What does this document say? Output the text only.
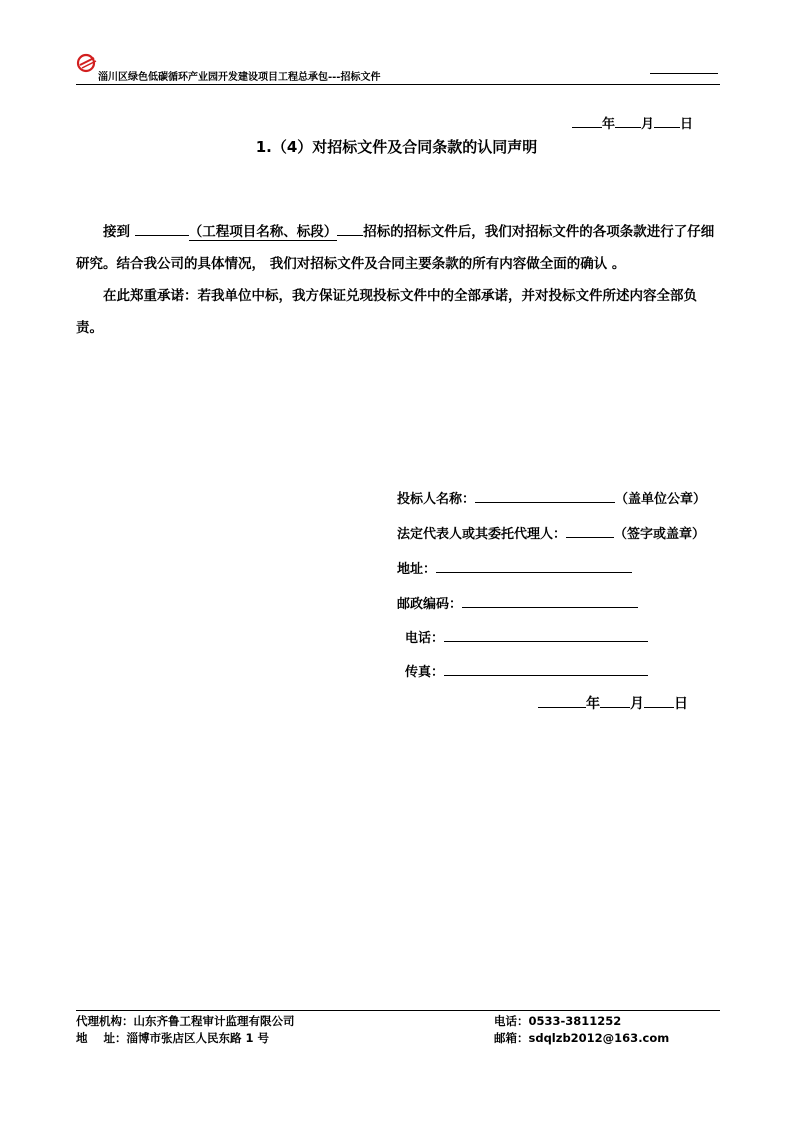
淄川区绿色低碳循环产业园开发建设项目工程总承包---招标文件
年 月 日
1.（4）对招标文件及合同条款的认同声明
接到	（工程项目名称、标段） 招标的招标文件后，我们对招标文件的各项条款进行了仔细研究。结合我公司的具体情况， 我们对招标文件及合同主要条款的所有内容做全面的确认 。
在此郑重承诺：若我单位中标，我方保证兑现投标文件中的全部承诺，并对投标文件所述内容全部负责。
投标人名称：	（盖单位公章）
法定代表人或其委托代理人：	（签字或盖章）
地址：
邮政编码：
电话：
传真：
年 月 日
代理机构：山东齐鲁工程审计监理有限公司
地    址：淄博市张店区人民东路 1 号
电话：0533-3811252
邮箱：sdqlzb2012@163.com
